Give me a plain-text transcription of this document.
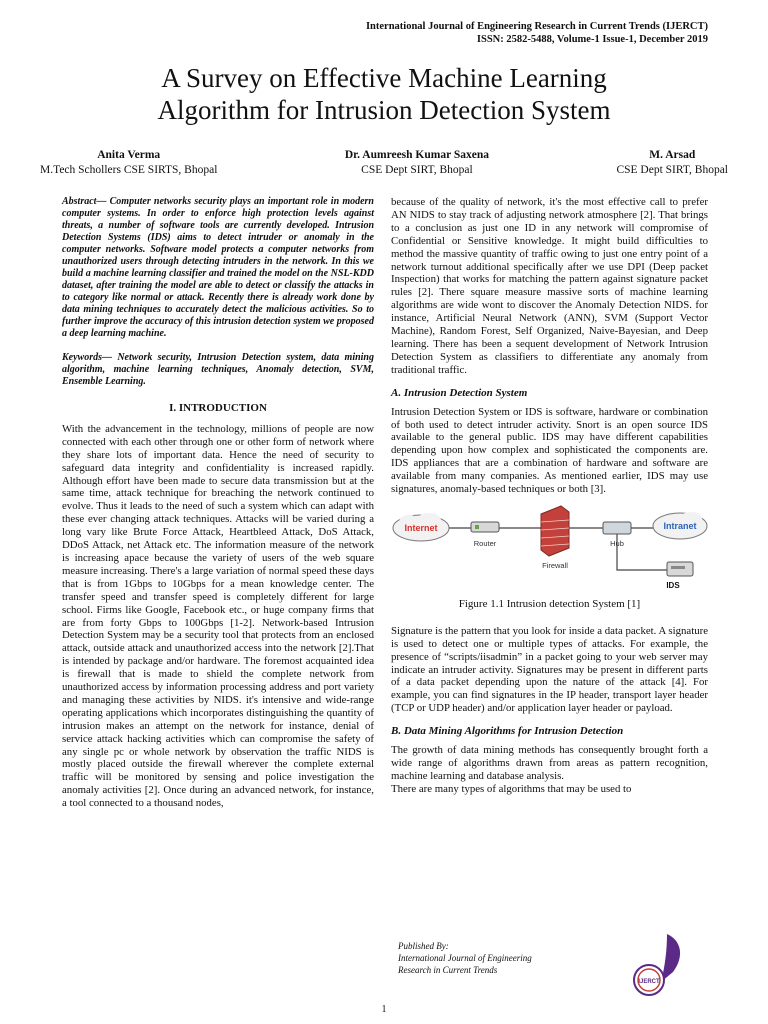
International Journal of Engineering Research in Current Trends (IJERCT)
ISSN: 2582-5488, Volume-1 Issue-1, December 2019
A Survey on Effective Machine Learning
Algorithm for Intrusion Detection System
Anita Verma
M.Tech Schollers CSE SIRTS, Bhopal
Dr. Aumreesh Kumar Saxena
CSE Dept SIRT, Bhopal
M. Arsad
CSE Dept SIRT, Bhopal

Abstract— Computer networks security plays an important role in modern computer systems. In order to enforce high protection levels against threats, a number of software tools are currently developed. Intrusion Detection Systems (IDS) aims to detect intruder or anomaly in the computer networks. Software model protects a computer networks from unauthorized users through detecting intruders in the network. In this we build a machine learning classifier and trained the model on the NSL-KDD dataset, after training the model are able to detect or classify the attacks in to category like normal or attack. Recently there is already work done by data mining techniques to accurately detect the malicious activities. So to further improve the accuracy of this intrusion detection system we proposed a deep learning machine.

Keywords— Network security, Intrusion Detection system, data mining algorithm, machine learning techniques, Anomaly detection, SVM, Ensemble Learning.

I. INTRODUCTION

With the advancement in the technology, millions of people are now connected with each other through one or other form of network where they share lots of important data. Hence the need of security to safeguard data integrity and confidentiality is increased rapidly. Although effort have been made to secure data transmission but at the same time, attack technique for breaching the network continued to evolve. Thus it leads to the need of such a system which can adapt with these ever changing attack techniques. Attacks will be varied during a long vary like Brute Force Attack, Heartbleed Attack, DoS Attack, DDoS Attack, net Attack etc. The information measure of the network is increasing apace because the variety of users of the web square measure increasing. There's a large variation of normal speed these days that is from 1Gbps to 10Gbps for a mean knowledge center. The transfer speed and transfer speed is completely different for large school. Firms like Google, Facebook etc., or huge company firms that are from forty Gbps to 100Gbps [1-2]. Network-based Intrusion Detection System may be a security tool that protects from an enclosed attack, outside attack and unauthorized access into the network [2].That is intended by package and/or hardware. The foremost acquainted idea is firewall that is made to shield the complete network from unauthorized access by information processing address and port variety and managing these activities by NIDS. it's intensive and wide-range operating applications which incorporates distinguishing the quantity of intrusion makes an attempt on the network for instance, denial of service attack hacking activities which can compromise the safety of any single pc or whole network by observation the traffic NIDS is mostly placed outside the firewall wherever the complete external traffic will be monitored by sensing and police investigation the anomaly activities [2]. Once during an advanced network, for instance, a tool connected to a thousand nodes,

because of the quality of network, it's the most effective call to prefer AN NIDS to stay track of adjusting network atmosphere [2]. That brings to a conclusion as just one ID in any network will compromise of Confidential or Sensitive knowledge. It might build difficulties to method the massive quantity of traffic owing to just one entry point of a network turnout additional specifically after we use DPI (Deep packet Inspection) that works for matching the pattern against signature packet rules [2]. There square measure massive sorts of machine learning algorithms are wide wont to discover the Anomaly Detection NIDS. for instance, Artificial Neural Network (ANN), SVM (Support Vector Machine), Random Forest, Self Organized, Naive-Bayesian, and Deep learning. There has been a sequent development of Network Intrusion Detection System as classifiers to differentiate any anomaly from traditional traffic.

A. Intrusion Detection System

Intrusion Detection System or IDS is software, hardware or combination of both used to detect intruder activity. Snort is an open source IDS available to the general public. IDS may have different capabilities depending upon how complex and sophisticated the components are. IDS appliances that are a combination of hardware and software are available from many companies. As mentioned earlier, IDS may use signatures, anomaly-based techniques or both [3].

Internet
Router
Firewall
Hub
Intranet
IDS
Figure 1.1 Intrusion detection System [1]

Signature is the pattern that you look for inside a data packet. A signature is used to detect one or multiple types of attacks. For example, the presence of “scripts/iisadmin” in a packet going to your web server may indicate an intruder activity. Signatures may be present in different parts of a data packet depending upon the nature of the attack [4]. For example, you can find signatures in the IP header, transport layer header (TCP or UDP header) and/or application layer header or payload.

B. Data Mining Algorithms for Intrusion Detection

The growth of data mining methods has consequently brought forth a wide range of algorithms drawn from areas as pattern recognition, machine learning and database analysis.

There are many types of algorithms that may be used to

Published By:
International Journal of Engineering
Research in Current Trends
IJERCT
1
